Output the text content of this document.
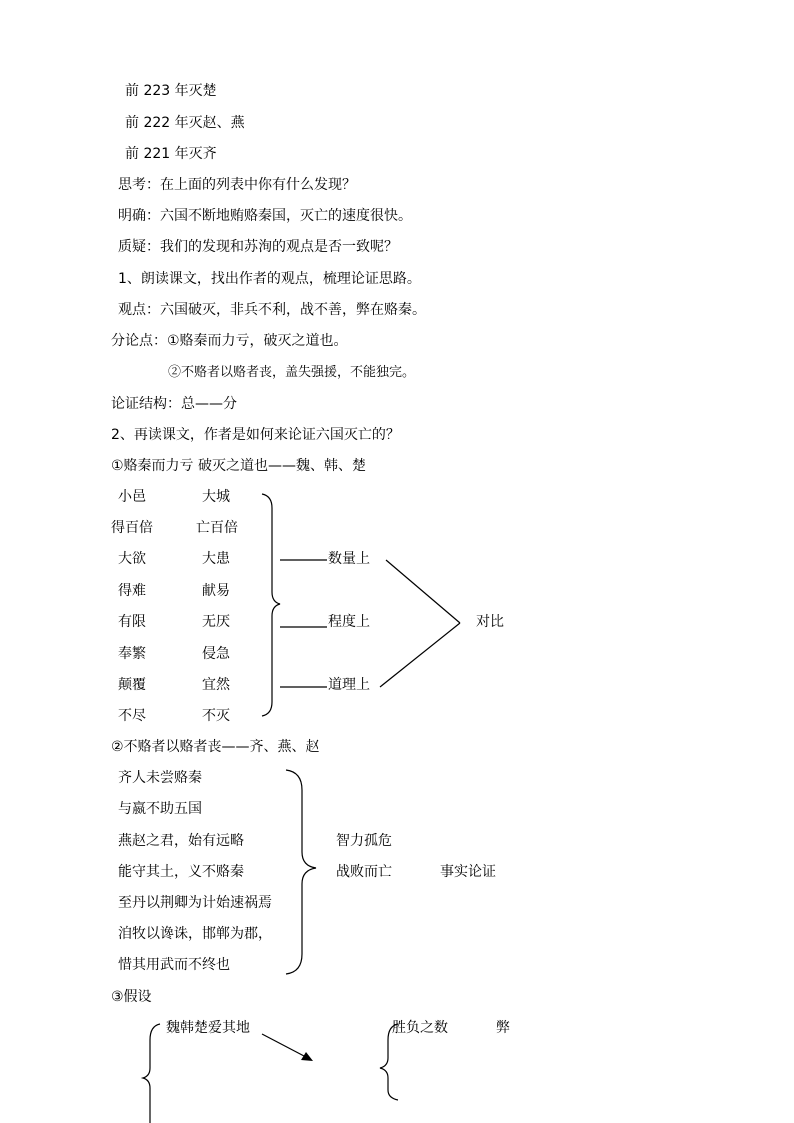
前 223 年灭楚
前 222 年灭赵、燕
前 221 年灭齐
思考：在上面的列表中你有什么发现？
明确：六国不断地贿赂秦国，灭亡的速度很快。
质疑：我们的发现和苏洵的观点是否一致呢？
1、朗读课文，找出作者的观点，梳理论证思路。
观点：六国破灭，非兵不利，战不善，弊在赂秦。
分论点：①赂秦而力亏，破灭之道也。
②不赂者以赂者丧，盖失强援，不能独完。
论证结构：总——分
2、再读课文，作者是如何来论证六国灭亡的？
①赂秦而力亏 破灭之道也——魏、韩、楚
小邑	大城
得百倍	亡百倍
大欲	大患
得难	献易
有限	无厌
奉繁	侵急
颠覆	宜然
不尽	不灭
数量上
程度上
道理上
对比
②不赂者以赂者丧——齐、燕、赵
齐人未尝赂秦
与嬴不助五国
燕赵之君，始有远略
能守其土，义不赂秦
至丹以荆卿为计始速祸焉
洎牧以谗诛，邯郸为郡，
惜其用武而不终也
智力孤危
战败而亡	事实论证
③假设
魏韩楚爱其地	胜负之数	弊
